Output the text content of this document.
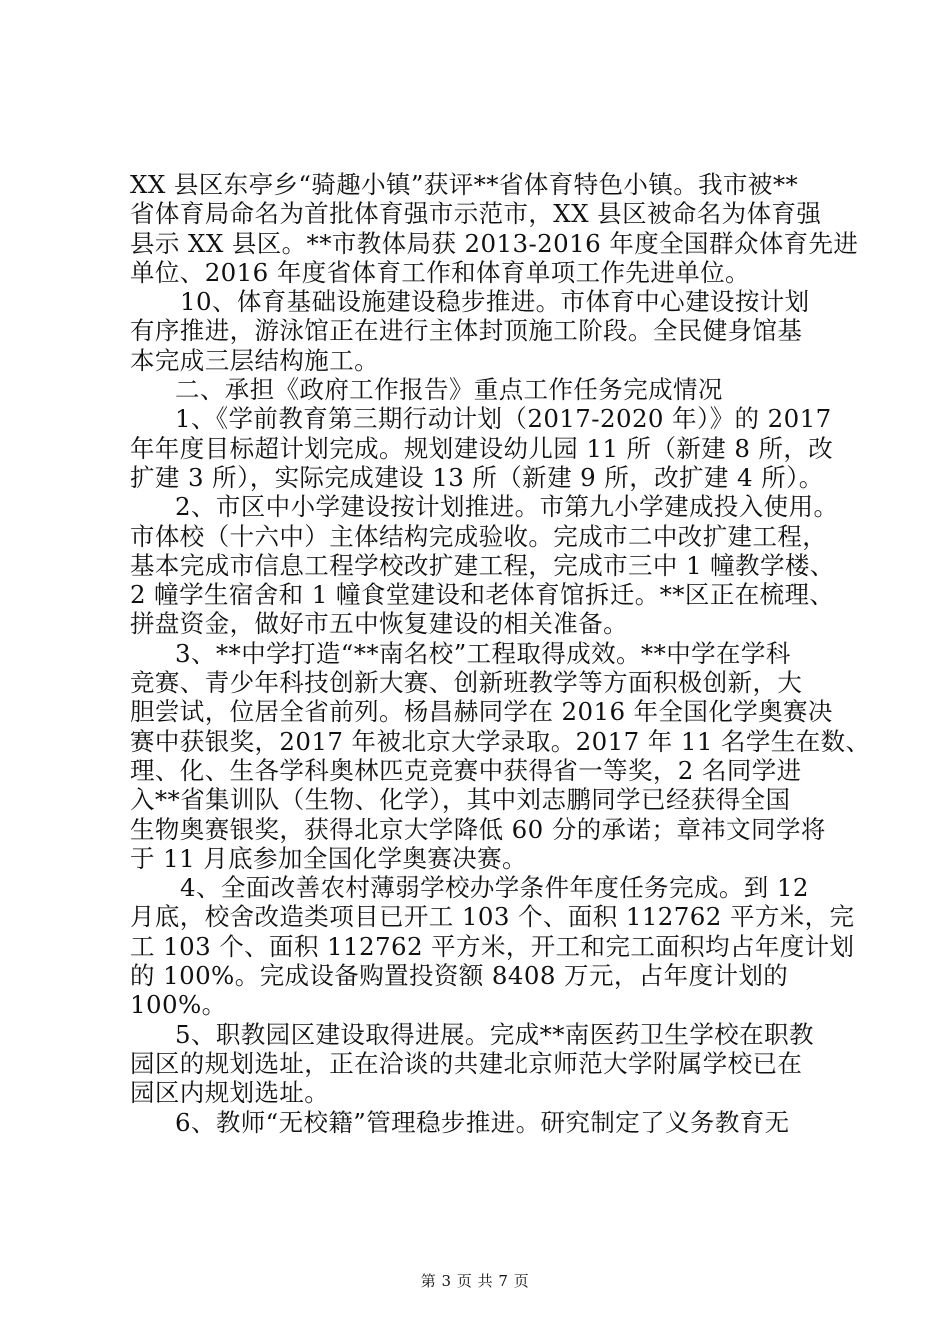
XX 县区东亭乡“骑趣小镇”获评**省体育特色小镇。我市被**
省体育局命名为首批体育强市示范市，XX 县区被命名为体育强
县示 XX 县区。**市教体局获 2013-2016 年度全国群众体育先进
单位、2016 年度省体育工作和体育单项工作先进单位。
10、体育基础设施建设稳步推进。市体育中心建设按计划
有序推进，游泳馆正在进行主体封顶施工阶段。全民健身馆基
本完成三层结构施工。
二、承担《政府工作报告》重点工作任务完成情况
1、《学前教育第三期行动计划（2017-2020 年）》的 2017
年年度目标超计划完成。规划建设幼儿园 11 所（新建 8 所，改
扩建 3 所），实际完成建设 13 所（新建 9 所，改扩建 4 所）。
2、市区中小学建设按计划推进。市第九小学建成投入使用。
市体校（十六中）主体结构完成验收。完成市二中改扩建工程，
基本完成市信息工程学校改扩建工程，完成市三中 1 幢教学楼、
2 幢学生宿舍和 1 幢食堂建设和老体育馆拆迁。**区正在梳理、
拼盘资金，做好市五中恢复建设的相关准备。
3、**中学打造“**南名校”工程取得成效。**中学在学科
竞赛、青少年科技创新大赛、创新班教学等方面积极创新，大
胆尝试，位居全省前列。杨昌赫同学在 2016 年全国化学奥赛决
赛中获银奖，2017 年被北京大学录取。2017 年 11 名学生在数、
理、化、生各学科奥林匹克竞赛中获得省一等奖，2 名同学进
入**省集训队（生物、化学），其中刘志鹏同学已经获得全国
生物奥赛银奖，获得北京大学降低 60 分的承诺；章祎文同学将
于 11 月底参加全国化学奥赛决赛。
4、全面改善农村薄弱学校办学条件年度任务完成。到 12
月底，校舍改造类项目已开工 103 个、面积 112762 平方米，完
工 103 个、面积 112762 平方米，开工和完工面积均占年度计划
的 100%。完成设备购置投资额 8408 万元，占年度计划的
100%。
5、职教园区建设取得进展。完成**南医药卫生学校在职教
园区的规划选址，正在洽谈的共建北京师范大学附属学校已在
园区内规划选址。
6、教师“无校籍”管理稳步推进。研究制定了义务教育无
第 3 页 共 7 页
